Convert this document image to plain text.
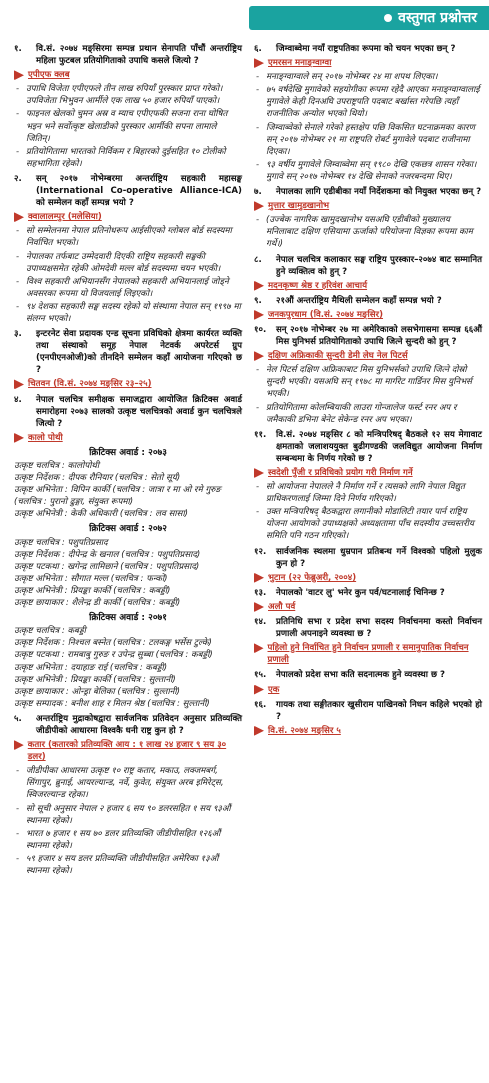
वस्तुगत प्रश्नोत्तर
१.	वि.सं. २०७४ मङ्सिरमा सम्पन्न प्रथान सेनापति पाँचौं अन्तर्राष्ट्रिय महिला फुटबल प्रतियोगिताको उपाधि कसले जित्यो ?
एपीएफ क्लब
- उपाधि विजेता एपीएफले तीन लाख रुपियाँ पुरस्कार प्राप्त गरेको। उपविजेता भिभुवन आर्मीले एक लाख ५० हजार रुपियाँ पाएको।
- फाइनल खेलको चुमन अस्र व म्याच एपीएफकी सजना राना घोषित भइन भने सर्वोत्कृष्ट खेलाडीको पुरस्कार आर्मीकी सपना लामाले जितिन्।
- प्रतियोगितामा भारतको निर्विकम र बिहारको दुईसहित १० टोलीको सहभागिता रहेको।
२.	सन् २०१७ नोभेम्बरमा अन्तर्राष्ट्रिय सहकारी महासङ्घ (International Co-operative Alliance-ICA) को सम्मेलन कहाँ सम्पन्न भयो ?
क्वालालम्पुर (मलेसिया)
- सो सम्मेलनमा नेपाल प्रतिनोधरूप आईसीएको ग्लोबल बोर्ड सदस्यमा निर्वाचित भएको।
- नेपालका तर्फबाट उम्मेदवारी दिएकी राष्ट्रिय सहकारी सङ्घकी उपाध्यक्षसमेत रहेकी ओमदेवी मल्ल बोर्ड सदस्यमा चयन भएकी।
- विश्व सहकारी अभियानसँग नेपालको सहकारी अभियानलाई जोड्ने अवसरका रूपमा यो विजयलाई लिइएको।
- ९४ देशका सहकारी सङ्घ सदस्य रहेको यो संस्थामा नेपाल सन् १९९७ मा संलग्न भएको।
३.	इन्टरनेट सेवा प्रदायक एन्ड सूचना प्रविधिको क्षेत्रमा कार्यरत व्यक्ति तथा संस्थाको समूह नेपाल नेटवर्क अपरेटर्स ग्रुप (एनपीएनओजी)को तीनदिने सम्मेलन कहाँ आयोजना गरिएको छ ?
चितवन (वि.सं. २०७४ मङ्सिर २३–२५)
४.	नेपाल चलचित्र समीक्षक समाजद्वारा आयोजित क्रिटिक्स अवार्ड समारोहमा २०७३ सालको उत्कृष्ट चलचित्रको अवार्ड कुन चलचित्रले जित्यो ?
कालो पोथी
क्रिटिक्स अवार्ड : २०७३
उत्कृष्ट चलचित्र : कालोपोथी
उत्कृष्ट निर्देशक : दीपक रौनियार (चलचित्र : सेतो सूर्य)
उत्कृष्ट अभिनेता : विपिन कार्की (चलचित्र : जात्रा र मा ओ रमे गुरुङ (चलचित्र : पुरानो ढुङ्गा, संयुक्त रूपमा)
उत्कृष्ट अभिनेत्री : केकी अधिकारी (चलचित्र : लव सासा)
क्रिटिक्स अवार्ड : २०७२
उत्कृष्ट चलचित्र : पशुपतिप्रसाद
उत्कृष्ट निर्देशक : दीपेन्द्र के खनाल (चलचित्र : पशुपतिप्रसाद)
उत्कृष्ट पटकथा : खगेन्द्र लामिछाने (चलचित्र : पशुपतिप्रसाद)
उत्कृष्ट अभिनेता : सौगात मल्ल (चलचित्र : फन्को)
उत्कृष्ट अभिनेत्री : प्रियङ्का कार्की (चलचित्र : कबड्डी)
उत्कृष्ट छायाकार : शैलेन्द्र डी कार्की (चलचित्र : कबड्डी)
क्रिटिक्स अवार्ड : २०७१
उत्कृष्ट चलचित्र : कबड्डी
उत्कृष्ट निर्देशक : निश्चल बस्नेत (चलचित्र : टलकङ्ग भर्सेस टुल्के)
उत्कृष्ट पटकथा : रामबाबु गुरुङ र उपेन्द्र सुब्बा (चलचित्र : कबड्डी)
उत्कृष्ट अभिनेता : दयाहाङ राई (चलचित्र : कबड्डी)
उत्कृष्ट अभिनेत्री : प्रियङ्का कार्की (चलचित्र : सुल्तानी)
उत्कृष्ट छायाकार : ओन्ड्रा बेलिका (चलचित्र : सुल्तानी)
उत्कृष्ट सम्पादक : बनीश शाह र मिलन श्रेष्ठ (चलचित्र : सुल्तानी)
५.	अन्तर्राष्ट्रिय मुद्राकोषद्वारा सार्वजनिक प्रतिवेदन अनुसार प्रतिव्यक्ति जीडीपीको आधारमा विश्वकै धनी राष्ट्र कुन हो ?
कतार (कतारको प्रतिव्यक्ति आय : १ लाख २४ हजार ९ सय ३० डलर)
- जीडीपीका आधारमा उत्कृष्ट १० राष्ट्र कतार, मकाउ, लक्जमबर्ग, सिंगापुर, ब्रुनाई, आयरल्यान्ड, नर्वे, कुवेत, संयुक्त अरब इमिरेट्स, स्विजरल्यान्ड रहेका।
- सो सूची अनुसार नेपाल २ हजार ६ सय ९० डलरसहित १ सय ९३औं स्थानमा रहेको।
- भारत ७ हजार १ सय ७० डलर प्रतिव्यक्ति जीडीपीसहित १२६औं स्थानमा रहेको।
- ५९ हजार ४ सय डलर प्रतिव्यक्ति जीडीपीसहित अमेरिका १३औं स्थानमा रहेको।
६.	जिम्वाब्वेमा नयाँ राष्ट्रपतिका रूपमा को चयन भएका छन् ?
एमरसन मनाङ्ग्वाग्वा
- मनाङ्ग्वाग्वाले सन् २०१७ नोभेम्बर २४ मा शपथ लिएका।
- ७५ वर्षदेखि मुगावेको सहयोगीका रूपमा रहेदै आएका मनाङ्ग्वाग्वालाई मुगावेले केही दिनअघि उपराष्ट्रपति पदबाट बर्खास्त गरेपछि त्यहाँ राजनीतिक अन्योल भएको थियो।
- जिम्वाब्वेको सेनाले गरेको हस्तक्षेप पछि विकसित घटनाक्रमका कारण सन् २०१७ नोभेम्बर २१ मा राष्ट्रपति रोबर्ट मुगावेले पदबाट राजीनामा दिएका।
- ९३ वर्षीय मुगावेले जिम्वाब्वेमा सन् १९८० देखि एकछत्र शासन गरेका। मुगावे सन् २०१७ नोभेम्बर १४ देखि सेनाको नजरबन्दमा थिए।
७.	नेपालका लागि एडीबीका नयाँ निर्देशकमा को नियुक्त भएका छन् ?
मुत्तार खामुडखानोभ
- (उज्बेक नागरिक खामुदखानोभ यसअघि एडीबीको मुख्यालय मनिलाबाट दक्षिण एसियामा ऊर्जाको परियोजना विज्ञका रूपमा काम गर्थे।)
८.	नेपाल चलचित्र कलाकार सङ्घ राष्ट्रिय पुरस्कार–२०७४ बाट सम्मानित हुने व्यक्तित्व को हुन् ?
मदनकृष्ण श्रेष्ठ र हरिवंश आचार्य
९.	२१औं अन्तर्राष्ट्रिय मैथिली सम्मेलन कहाँ सम्पन्न भयो ?
जनकपुरधाम (वि.सं. २०७४ मङ्सिर)
१०.	सन् २०१७ नोभेम्बर २७ मा अमेरिकाको लसभेगासमा सम्पन्न ६६औं मिस युनिभर्स प्रतियोगिताको उपाधि जित्ने सुन्दरी को हुन् ?
दक्षिण अफ्रिकाकी सुन्दरी डेमी लेघ नेल पिटर्स
- नेल पिटर्स दक्षिण अफ्रिकाबाट मिस युनिभर्सको उपाधि जित्ने दोस्रो सुन्दरी भएकी। यसअघि सन् १९७८ मा मार्गरेट गार्डिनर मिस युनिभर्स भएकी।
- प्रतियोगितामा कोलम्बियाकी लाउरा गोन्जालेज फर्स्ट रनर अप र जमैकाकी डभिना बेनेट सेकेन्ड रनर अप भएका।
११.	वि.सं. २०७४ मङ्सिर ८ को मन्त्रिपरिषद् बैठकले १२ सय मेगावाट क्षमताको जलाशययुक्त बुढीगण्डकी जलविद्युत आयोजना निर्माण सम्बन्धमा के निर्णय गरेको छ ?
स्वदेशी पुँजी र प्रविधिको प्रयोग गरी निर्माण गर्ने
- सो आयोजना नेपालले नै निर्माण गर्ने र त्यसको लागि नेपाल विद्युत प्राधिकरणलाई जिम्मा दिने निर्णय गरिएको।
- उक्त मन्त्रिपरिषद् बैठकद्वारा लगानीको मोडालिटी तयार पार्न राष्ट्रिय योजना आयोगको उपाध्यक्षको अध्यक्षतामा पाँच सदस्यीय उच्चस्तरीय समिति पनि गठन गरिएको।
१२.	सार्वजनिक स्थलमा धुम्रपान प्रतिबन्ध गर्ने विश्वको पहिलो मुलुक कुन हो ?
भुटान (२२ फेब्रुअरी, २००४)
१३.	नेपालको 'वाटर लु' भनेर कुन पर्व/घटनालाई चिनिन्छ ?
अलौ पर्व
१४.	प्रतिनिधि सभा र प्रदेश सभा सदस्य निर्वाचनमा कस्तो निर्वाचन प्रणाली अपनाइने व्यवस्था छ ?
पहिलो हुने निर्वाचित हुने निर्वाचन प्रणाली र समानुपातिक निर्वाचन प्रणाली
१५.	नेपालको प्रदेश सभा कति सदनात्मक हुने व्यवस्था छ ?
एक
१६.	गायक तथा सङ्गीतकार खुसीराम पाखिनको निधन कहिले भएको हो ?
वि.सं. २०७४ मङ्सिर ५
